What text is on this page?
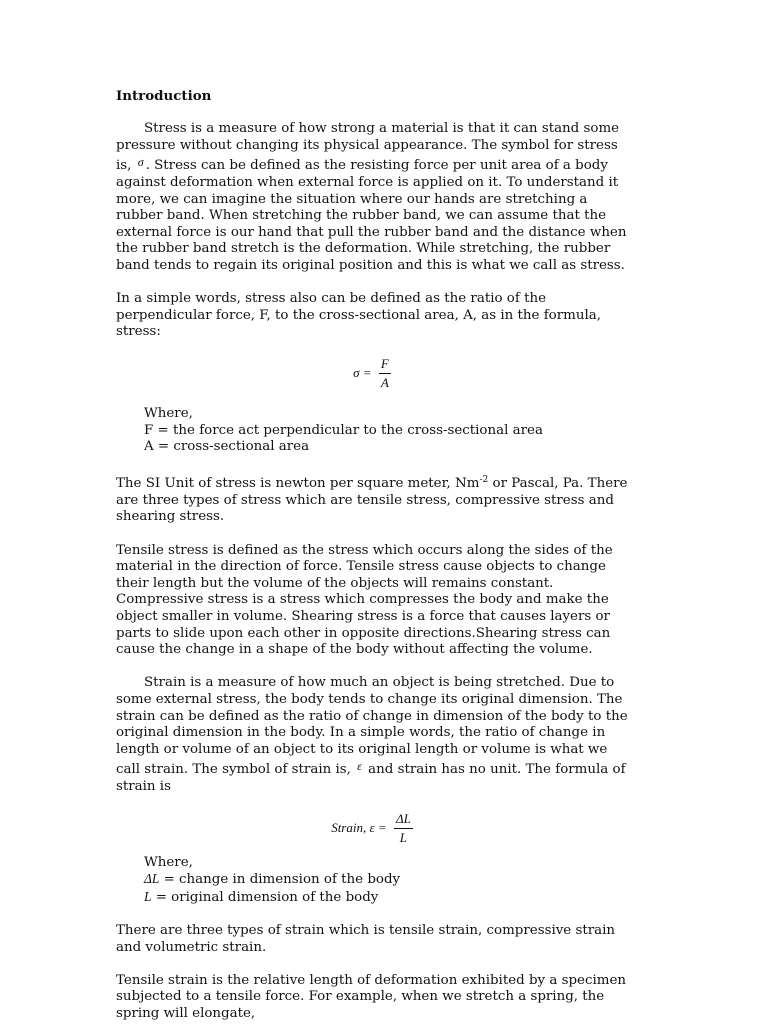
Introduction

Stress is a measure of how strong a material is that it can stand some pressure without changing its physical appearance. The symbol for stress is, σ . Stress can be defined as the resisting force per unit area of a body against deformation when external force is applied on it. To understand it more, we can imagine the situation where our hands are stretching a rubber band. When stretching the rubber band, we can assume that the external force is our hand that pull the rubber band and the distance when the rubber band stretch is the deformation. While stretching, the rubber band tends to regain its original position and this is what we call as stress.

In a simple words, stress also can be defined as the ratio of the perpendicular force, F, to the cross-sectional area, A, as in the formula, stress:

$\sigma = \frac{F}{A}$

Where,

F = the force act perpendicular to the cross-sectional area

A = cross-sectional area

The SI Unit of stress is newton per square meter, $Nm^{-2}$ or Pascal, Pa. There are three types of stress which are tensile stress, compressive stress and shearing stress.

Tensile stress is defined as the stress which occurs along the sides of the material in the direction of force. Tensile stress cause objects to change their length but the volume of the objects will remains constant. Compressive stress is a stress which compresses the body and make the object smaller in volume. Shearing stress is a force that causes layers or parts to slide upon each other in opposite directions.Shearing stress can cause the change in a shape of the body without affecting the volume.

Strain is a measure of how much an object is being stretched. Due to some external stress, the body tends to change its original dimension. The strain can be defined as the ratio of change in dimension of the body to the original dimension in the body. In a simple words, the ratio of change in length or volume of an object to its original length or volume is what we call strain. The symbol of strain is, ε and strain has no unit. The formula of strain is

Strain, $\varepsilon = \frac{\Delta L}{L}$

Where,

ΔL = change in dimension of the body

L = original dimension of the body

There are three types of strain which is tensile strain, compressive strain and volumetric strain.

Tensile strain is the relative length of deformation exhibited by a specimen subjected to a tensile force. For example, when we stretch a spring, the spring will elongate,
